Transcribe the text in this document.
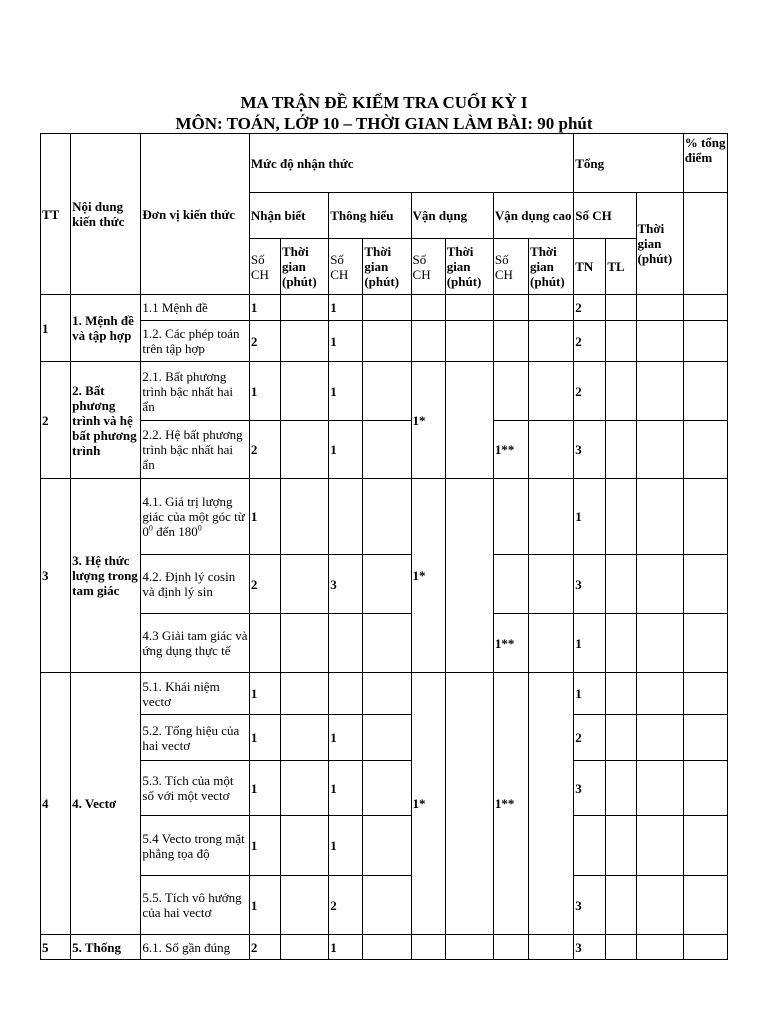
MA TRẬN ĐỀ KIỂM TRA CUỐI KỲ I
MÔN: TOÁN, LỚP 10 – THỜI GIAN LÀM BÀI: 90 phút
TT	Nội dung kiến thức	Đơn vị kiến thức	Mức độ nhận thức								Tổng			% tổng điểm
			Nhận biết		Thông hiểu		Vận dụng		Vận dụng cao		Số CH		Thời gian (phút)	
			Số CH	Thời gian (phút)	Số CH	Thời gian (phút)	Số CH	Thời gian (phút)	Số CH	Thời gian (phút)	TN	TL		
1	1. Mệnh đề và tập hợp	1.1 Mệnh đề	1		1						2			
		1.2. Các phép toán trên tập hợp	2		1						2			
2	2. Bất phương trình và hệ bất phương trình	2.1. Bất phương trình bậc nhất hai ẩn	1		1		1*				2			
		2.2. Hệ bất phương trình bậc nhất hai ẩn	2		1				1**		3			
3	3. Hệ thức lượng trong tam giác	4.1. Giá trị lượng giác của một góc từ $0^0$ đến $180^0$	1				1*				1			
		4.2. Định lý cosin và định lý sin	2		3						3			
		4.3 Giải tam giác và ứng dụng thực tế							1**		1			
4	4. Vectơ	5.1. Khái niệm vectơ	1				1*		1**		1			
		5.2. Tổng hiệu của hai vectơ	1		1						2			
		5.3. Tích của một số với một vectơ	1		1						3			
		5.4 Vecto trong mặt phẳng tọa độ	1		1									
		5.5. Tích vô hướng của hai vectơ	1		2						3			
5	5. Thống	6.1. Số gần đúng	2		1						3			
